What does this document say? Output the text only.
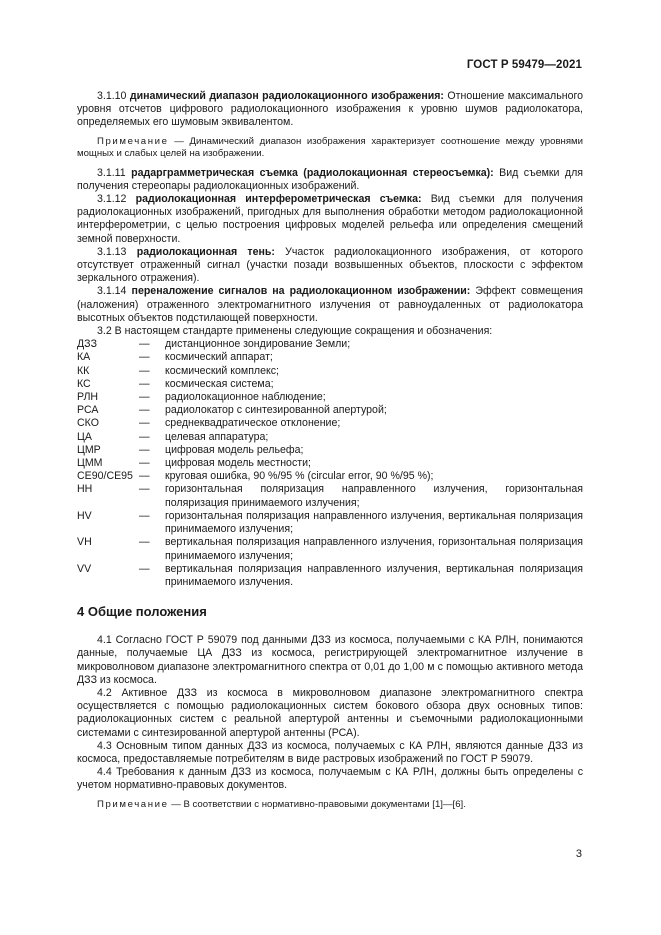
ГОСТ Р 59479—2021

3.1.10 динамический диапазон радиолокационного изображения: Отношение максимального уровня отсчетов цифрового радиолокационного изображения к уровню шумов радиолокатора, определяемых его шумовым эквивалентом.

Примечание — Динамический диапазон изображения характеризует соотношение между уровнями мощных и слабых целей на изображении.

3.1.11 радарграмметрическая съемка (радиолокационная стереосъемка): Вид съемки для получения стереопары радиолокационных изображений.

3.1.12 радиолокационная интерферометрическая съемка: Вид съемки для получения радиолокационных изображений, пригодных для выполнения обработки методом радиолокационной интерферометрии, с целью построения цифровых моделей рельефа или определения смещений земной поверхности.

3.1.13 радиолокационная тень: Участок радиолокационного изображения, от которого отсутствует отраженный сигнал (участки позади возвышенных объектов, плоскости с эффектом зеркального отражения).

3.1.14 переналожение сигналов на радиолокационном изображении: Эффект совмещения (наложения) отраженного электромагнитного излучения от равноудаленных от радиолокатора высотных объектов подстилающей поверхности.

3.2 В настоящем стандарте применены следующие сокращения и обозначения:

ДЗЗ	—	дистанционное зондирование Земли;
КА	—	космический аппарат;
КК	—	космический комплекс;
КС	—	космическая система;
РЛН	—	радиолокационное наблюдение;
РСА	—	радиолокатор с синтезированной апертурой;
СКО	—	среднеквадратическое отклонение;
ЦА	—	целевая аппаратура;
ЦМР	—	цифровая модель рельефа;
ЦММ	—	цифровая модель местности;
CE90/CE95 —	круговая ошибка, 90 %/95 % (circular error, 90 %/95 %);
HH	—	горизонтальная поляризация направленного излучения, горизонтальная поляризация принимаемого излучения;
HV	—	горизонтальная поляризация направленного излучения, вертикальная поляризация принимаемого излучения;
VH	—	вертикальная поляризация направленного излучения, горизонтальная поляризация принимаемого излучения;
VV	—	вертикальная поляризация направленного излучения, вертикальная поляризация принимаемого излучения.
4 Общие положения

4.1 Согласно ГОСТ Р 59079 под данными ДЗЗ из космоса, получаемыми с КА РЛН, понимаются данные, получаемые ЦА ДЗЗ из космоса, регистрирующей электромагнитное излучение в микроволновом диапазоне электромагнитного спектра от 0,01 до 1,00 м с помощью активного метода ДЗЗ из космоса.

4.2 Активное ДЗЗ из космоса в микроволновом диапазоне электромагнитного спектра осуществляется с помощью радиолокационных систем бокового обзора двух основных типов: радиолокационных систем с реальной апертурой антенны и съемочными радиолокационными системами с синтезированной апертурой антенны (РСА).

4.3 Основным типом данных ДЗЗ из космоса, получаемых с КА РЛН, являются данные ДЗЗ из космоса, предоставляемые потребителям в виде растровых изображений по ГОСТ Р 59079.

4.4 Требования к данным ДЗЗ из космоса, получаемым с КА РЛН, должны быть определены с учетом нормативно-правовых документов.

Примечание — В соответствии с нормативно-правовыми документами [1]—[6].

3
